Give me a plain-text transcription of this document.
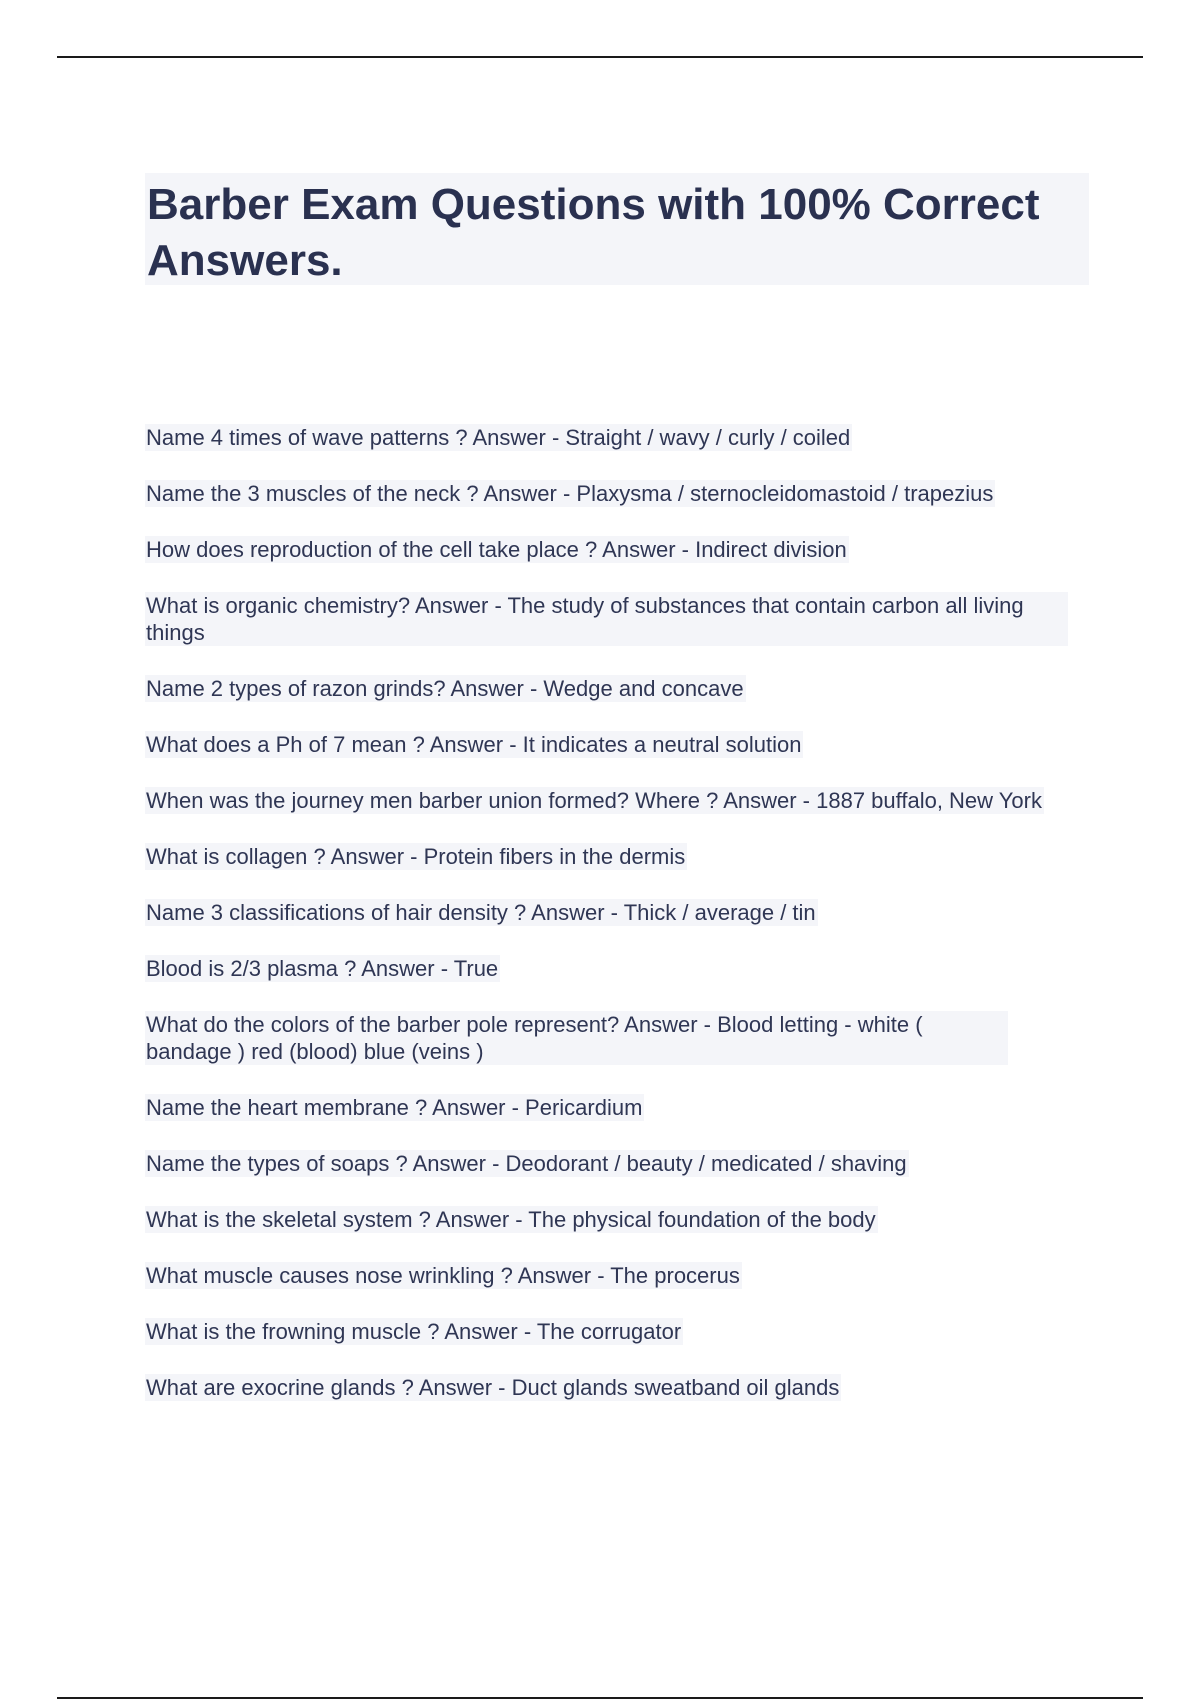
Barber Exam Questions with 100% Correct Answers.
Name 4 times of wave patterns ? Answer - Straight / wavy / curly / coiled
Name the 3 muscles of the neck ? Answer - Plaxysma / sternocleidomastoid / trapezius
How does reproduction of the cell take place ? Answer - Indirect division
What is organic chemistry? Answer - The study of substances that contain carbon all living things
Name 2 types of razon grinds? Answer - Wedge and concave
What does a Ph of 7 mean ? Answer - It indicates a neutral solution
When was the journey men barber union formed? Where ? Answer - 1887 buffalo, New York
What is collagen ? Answer - Protein fibers in the dermis
Name 3 classifications of hair density ? Answer - Thick / average / tin
Blood is 2/3 plasma ? Answer - True
What do the colors of the barber pole represent? Answer - Blood letting - white ( bandage ) red (blood) blue (veins )
Name the heart membrane ? Answer - Pericardium
Name the types of soaps ? Answer - Deodorant / beauty / medicated / shaving
What is the skeletal system ? Answer - The physical foundation of the body
What muscle causes nose wrinkling ? Answer - The procerus
What is the frowning muscle ? Answer - The corrugator
What are exocrine glands ? Answer - Duct glands sweatband oil glands
